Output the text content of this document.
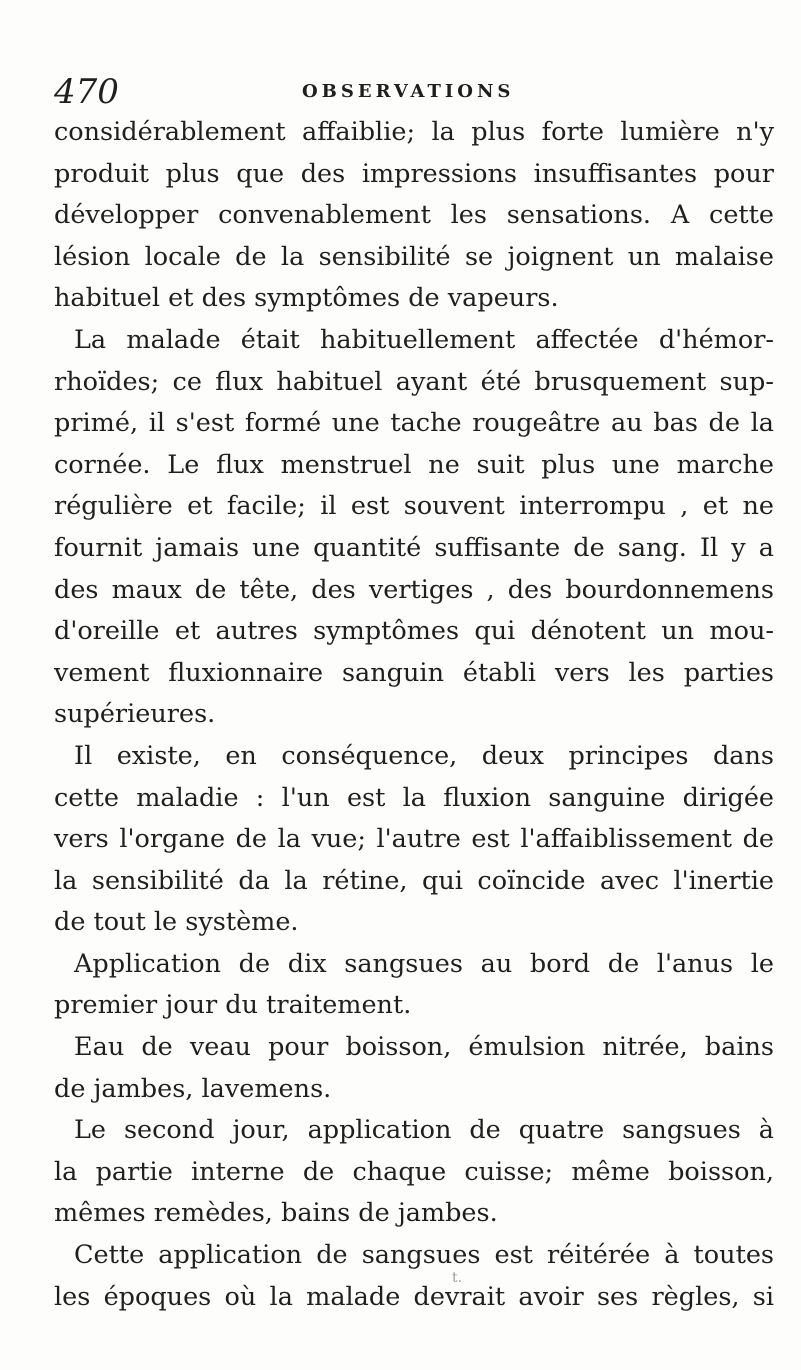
470	OBSERVATIONS
considérablement affaiblie; la plus forte lumière n'y
produit plus que des impressions insuffisantes pour
développer convenablement les sensations. A cette
lésion locale de la sensibilité se joignent un malaise
habituel et des symptômes de vapeurs.
La malade était habituellement affectée d'hémor-
rhoïdes; ce flux habituel ayant été brusquement sup-
primé, il s'est formé une tache rougeâtre au bas de la
cornée. Le flux menstruel ne suit plus une marche
régulière et facile; il est souvent interrompu , et ne
fournit jamais une quantité suffisante de sang. Il y a
des maux de tête, des vertiges , des bourdonnemens
d'oreille et autres symptômes qui dénotent un mou-
vement fluxionnaire sanguin établi vers les parties
supérieures.
Il existe, en conséquence, deux principes dans
cette maladie : l'un est la fluxion sanguine dirigée
vers l'organe de la vue; l'autre est l'affaiblissement de
la sensibilité da la rétine, qui coïncide avec l'inertie
de tout le système.
Application de dix sangsues au bord de l'anus le
premier jour du traitement.
Eau de veau pour boisson, émulsion nitrée, bains
de jambes, lavemens.
Le second jour, application de quatre sangsues à
la partie interne de chaque cuisse; même boisson,
mêmes remèdes, bains de jambes.
Cette application de sangsues est réitérée à toutes
les époques où la malade devrait avoir ses règles, si
t.
